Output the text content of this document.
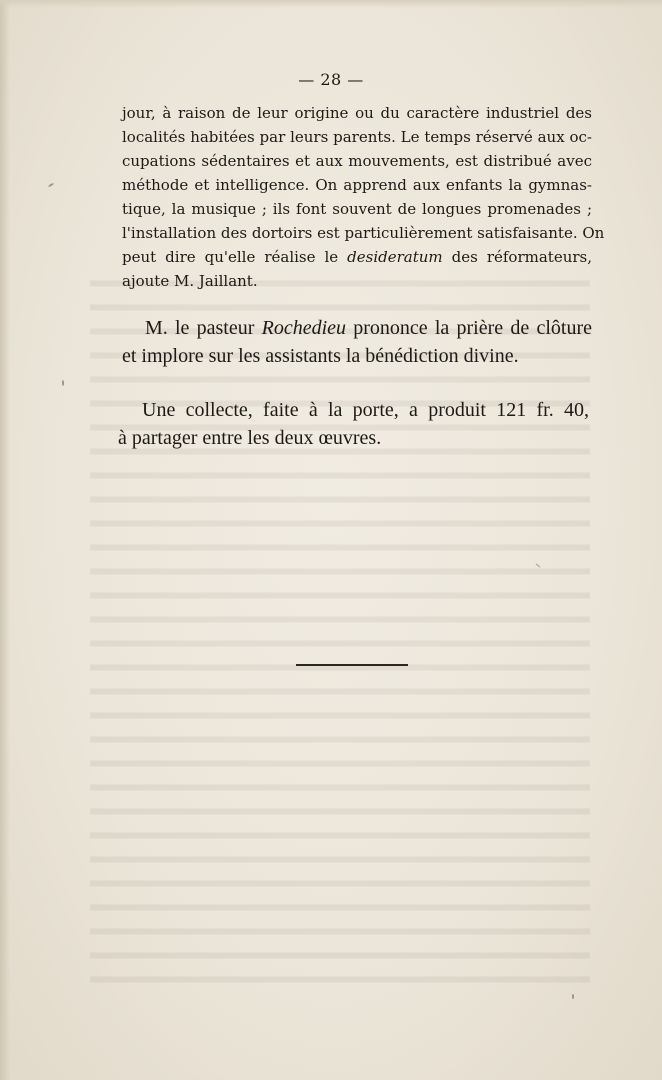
— 28 —
jour, à raison de leur origine ou du caractère industriel des
localités habitées par leurs parents. Le temps réservé aux oc-
cupations sédentaires et aux mouvements, est distribué avec
méthode et intelligence. On apprend aux enfants la gymnas-
tique, la musique ; ils font souvent de longues promenades ;
l'installation des dortoirs est particulièrement satisfaisante. On
peut dire qu'elle réalise le desideratum des réformateurs,
ajoute M. Jaillant.
M. le pasteur Rochedieu prononce la prière de clôture
et implore sur les assistants la bénédiction divine.
Une collecte, faite à la porte, a produit 121 fr. 40,
à partager entre les deux œuvres.
